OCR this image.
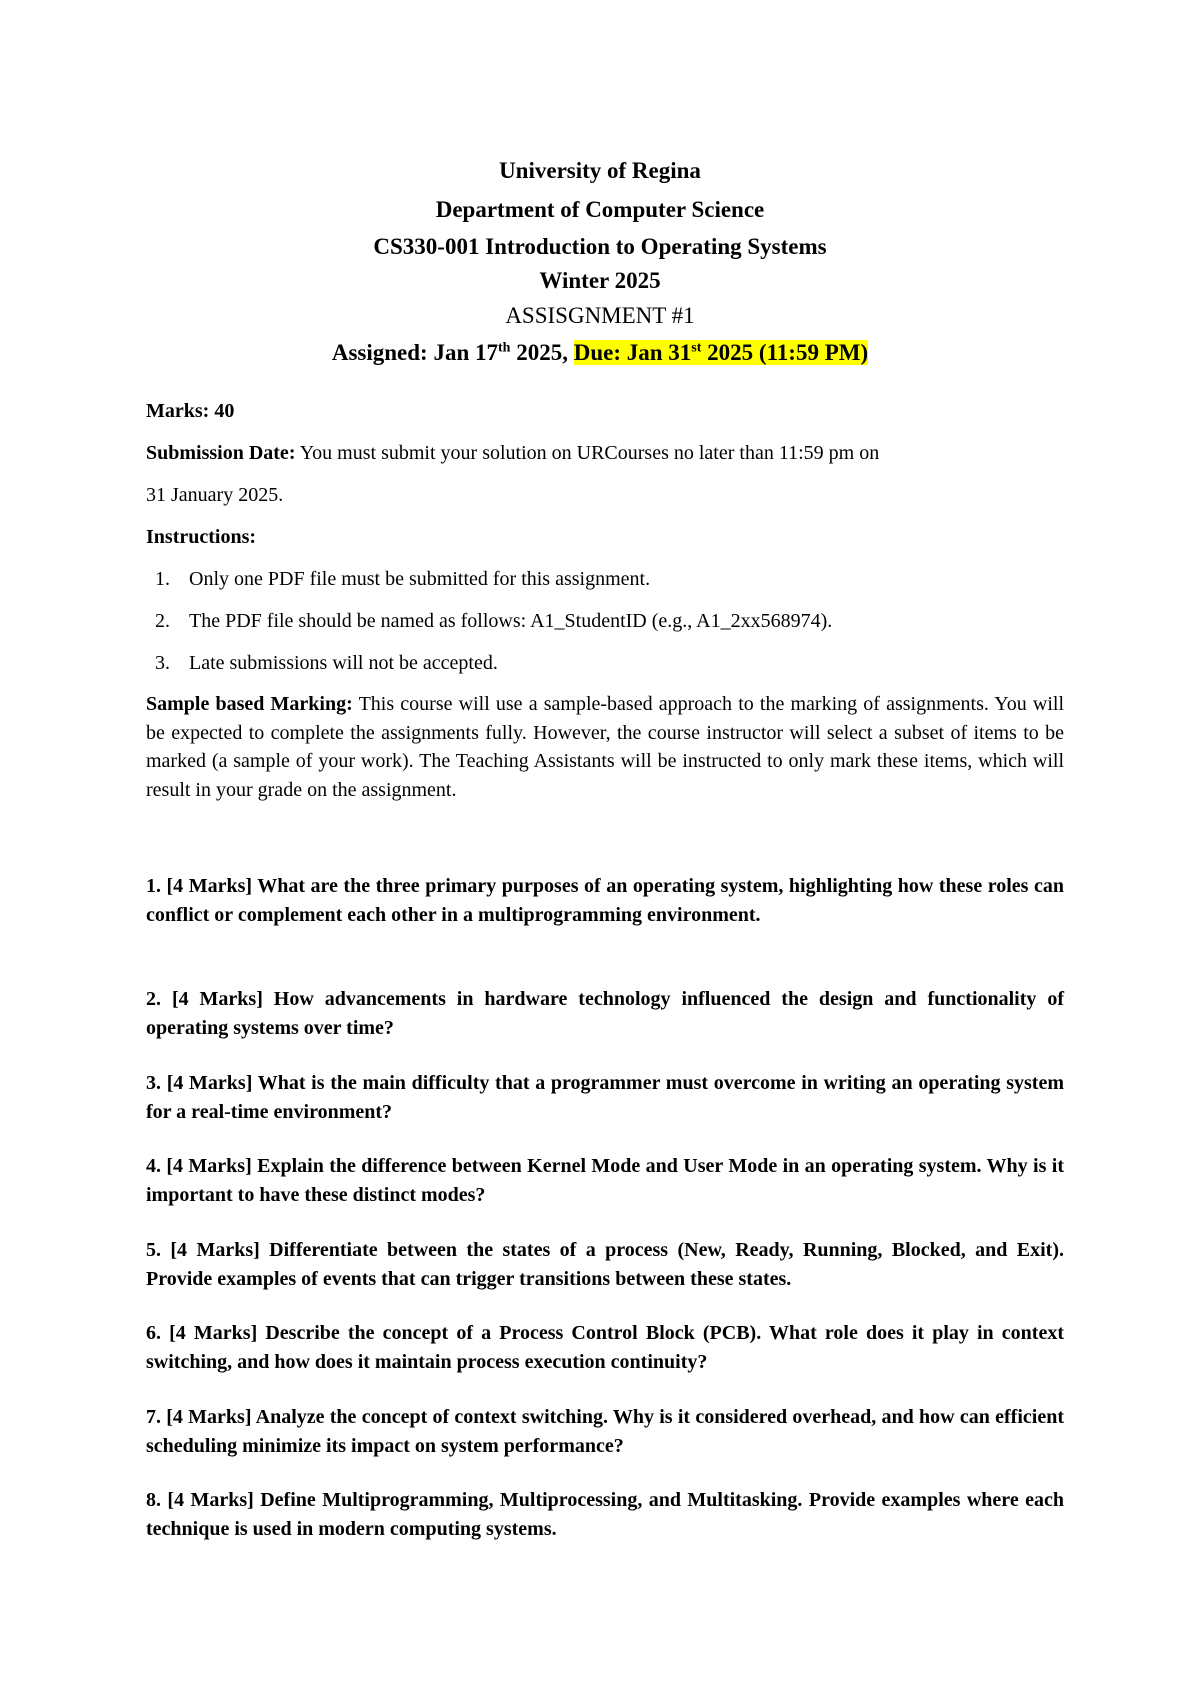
University of Regina
Department of Computer Science
CS330-001 Introduction to Operating Systems
Winter 2025
ASSISGNMENT #1
Assigned: Jan 17th 2025, Due: Jan 31st 2025 (11:59 PM)
Marks: 40
Submission Date: You must submit your solution on URCourses no later than 11:59 pm on
31 January 2025.
Instructions:
1. Only one PDF file must be submitted for this assignment.
2. The PDF file should be named as follows: A1_StudentID (e.g., A1_2xx568974).
3. Late submissions will not be accepted.
Sample based Marking: This course will use a sample-based approach to the marking of assignments. You will be expected to complete the assignments fully. However, the course instructor will select a subset of items to be marked (a sample of your work). The Teaching Assistants will be instructed to only mark these items, which will result in your grade on the assignment.
1. [4 Marks] What are the three primary purposes of an operating system, highlighting how these roles can conflict or complement each other in a multiprogramming environment.
2. [4 Marks] How advancements in hardware technology influenced the design and functionality of operating systems over time?
3. [4 Marks] What is the main difficulty that a programmer must overcome in writing an operating system for a real-time environment?
4. [4 Marks] Explain the difference between Kernel Mode and User Mode in an operating system. Why is it important to have these distinct modes?
5. [4 Marks] Differentiate between the states of a process (New, Ready, Running, Blocked, and Exit). Provide examples of events that can trigger transitions between these states.
6. [4 Marks] Describe the concept of a Process Control Block (PCB). What role does it play in context switching, and how does it maintain process execution continuity?
7. [4 Marks] Analyze the concept of context switching. Why is it considered overhead, and how can efficient scheduling minimize its impact on system performance?
8. [4 Marks] Define Multiprogramming, Multiprocessing, and Multitasking. Provide examples where each technique is used in modern computing systems.
